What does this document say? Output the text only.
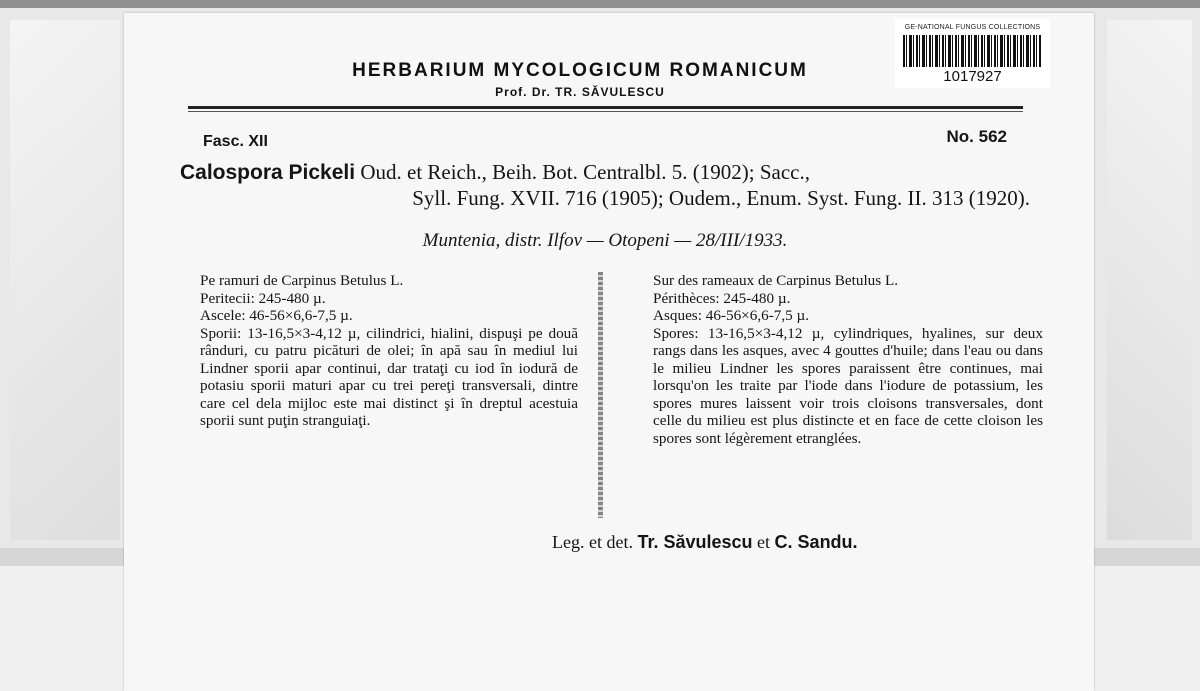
GE-NATIONAL FUNGUS COLLECTIONS
1017927
HERBARIUM MYCOLOGICUM ROMANICUM
Prof. Dr. TR. SĂVULESCU
Fasc. XII	No. 562
Calospora Pickeli Oud. et Reich., Beih. Bot. Centralbl. 5. (1902); Sacc.,
Syll. Fung. XVII. 716 (1905); Oudem., Enum. Syst. Fung. II. 313 (1920).
Muntenia, distr. Ilfov — Otopeni — 28/III/1933.
Pe ramuri de Carpinus Betulus L.
Peritecii: 245-480 µ.
Ascele: 46-56×6,6-7,5 µ.
Sporii: 13-16,5×3-4,12 µ, cilindrici, hialini, dispuşi pe două rânduri, cu patru picături de olei; în apă sau în mediul lui Lindner sporii apar continui, dar trataţi cu iod în iodură de potasiu sporii maturi apar cu trei pereţi transversali, dintre care cel dela mijloc este mai distinct şi în dreptul acestuia sporii sunt puţin stranguiaţi.
Sur des rameaux de Carpinus Betulus L.
Périthèces: 245-480 µ.
Asques: 46-56×6,6-7,5 µ.
Spores: 13-16,5×3-4,12 µ, cylindriques, hyalines, sur deux rangs dans les asques, avec 4 gouttes d'huile; dans l'eau ou dans le milieu Lindner les spores paraissent être continues, mai lorsqu'on les traite par l'iode dans l'iodure de potassium, les spores mures laissent voir trois cloisons transversales, dont celle du milieu est plus distincte et en face de cette cloison les spores sont légèrement etranglées.
Leg. et det. Tr. Săvulescu et C. Sandu.
